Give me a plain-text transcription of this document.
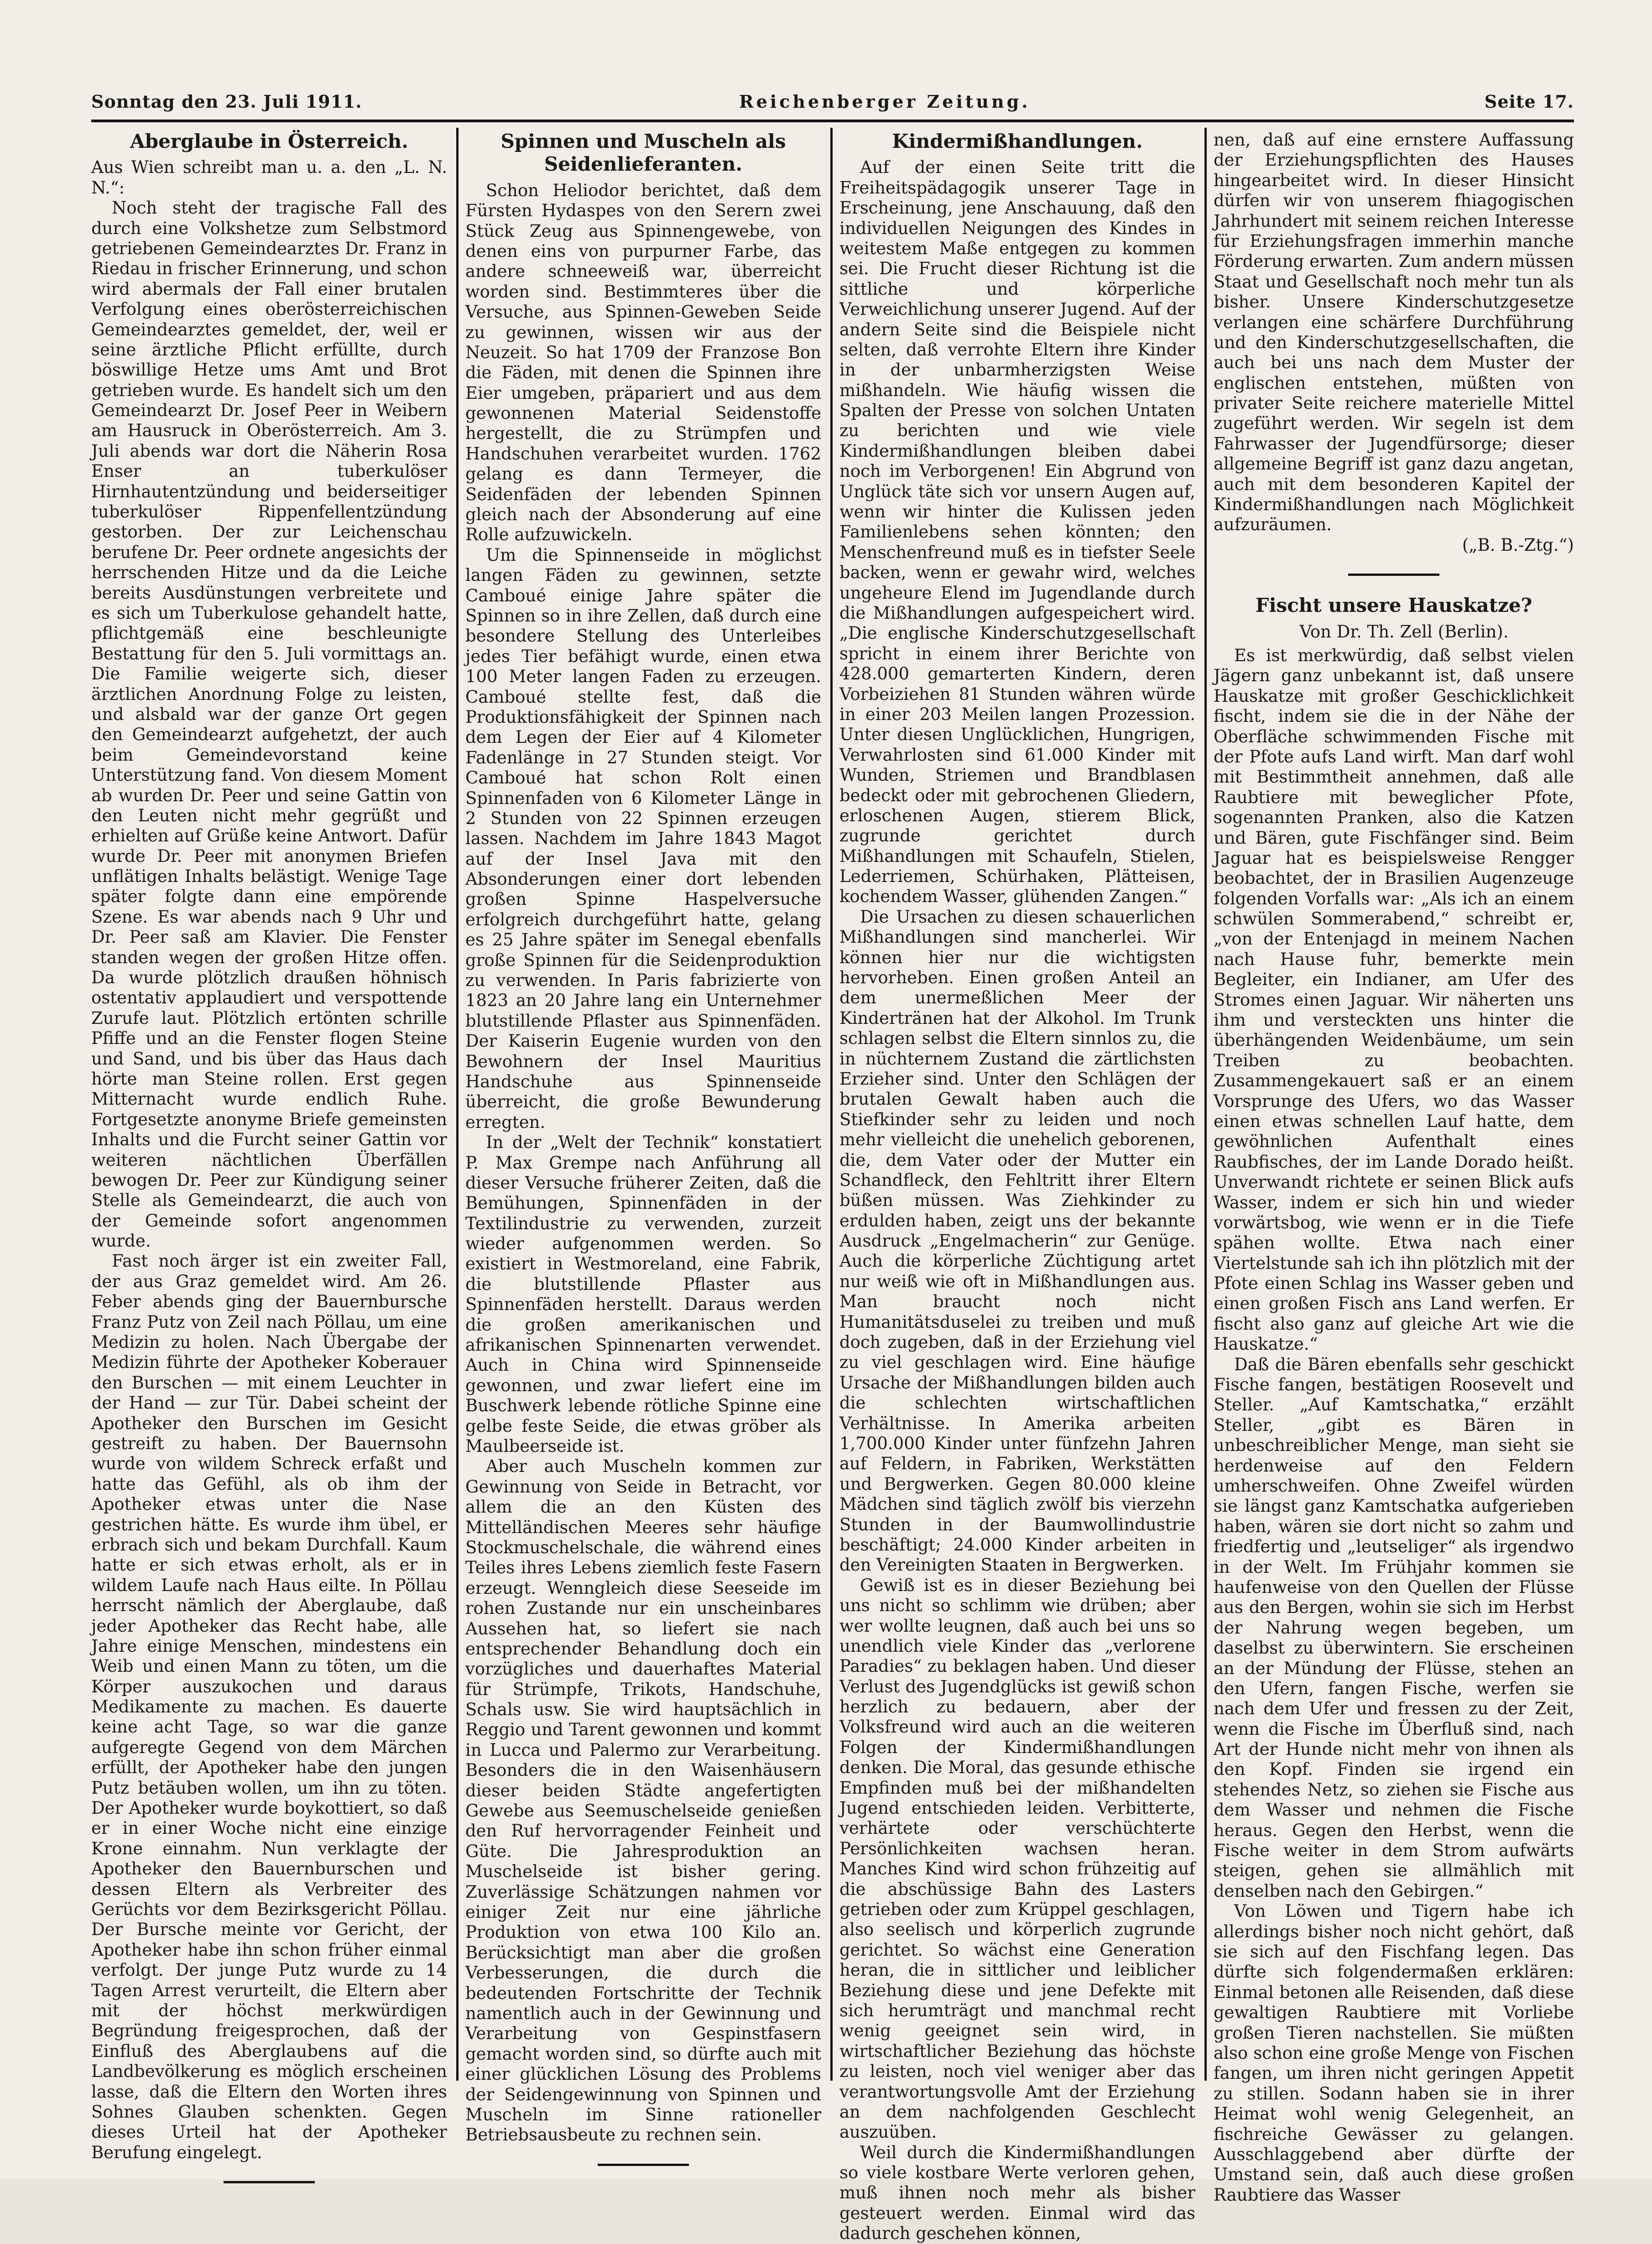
Sonntag den 23. Juli 1911.	Reichenberger Zeitung.	Seite 17.
Aberglaube in Österreich.

Aus Wien schreibt man u. a. den „L. N. N.“:

Noch steht der tragische Fall des durch eine Volkshetze zum Selbstmord getriebenen Gemeindearztes Dr. Franz in Riedau in frischer Erinnerung, und schon wird abermals der Fall einer brutalen Verfolgung eines oberösterreichischen Gemeindearztes gemeldet, der, weil er seine ärztliche Pflicht erfüllte, durch böswillige Hetze ums Amt und Brot getrieben wurde. Es handelt sich um den Gemeindearzt Dr. Josef Peer in Weibern am Hausruck in Oberösterreich. Am 3. Juli abends war dort die Näherin Rosa Enser an tuberkulöser Hirnhautentzündung und beiderseitiger tuberkulöser Rippenfellentzündung gestorben. Der zur Leichenschau berufene Dr. Peer ordnete angesichts der herrschenden Hitze und da die Leiche bereits Ausdünstungen verbreitete und es sich um Tuberkulose gehandelt hatte, pflichtgemäß eine beschleunigte Bestattung für den 5. Juli vormittags an. Die Familie weigerte sich, dieser ärztlichen Anordnung Folge zu leisten, und alsbald war der ganze Ort gegen den Gemeindearzt aufgehetzt, der auch beim Gemeindevorstand keine Unterstützung fand. Von diesem Moment ab wurden Dr. Peer und seine Gattin von den Leuten nicht mehr gegrüßt und erhielten auf Grüße keine Antwort. Dafür wurde Dr. Peer mit anonymen Briefen unflätigen Inhalts belästigt. Wenige Tage später folgte dann eine empörende Szene. Es war abends nach 9 Uhr und Dr. Peer saß am Klavier. Die Fenster standen wegen der großen Hitze offen. Da wurde plötzlich draußen höhnisch ostentativ applaudiert und verspottende Zurufe laut. Plötzlich ertönten schrille Pfiffe und an die Fenster flogen Steine und Sand, und bis über das Haus dach hörte man Steine rollen. Erst gegen Mitternacht wurde endlich Ruhe. Fortgesetzte anonyme Briefe gemeinsten Inhalts und die Furcht seiner Gattin vor weiteren nächtlichen Überfällen bewogen Dr. Peer zur Kündigung seiner Stelle als Gemeindearzt, die auch von der Gemeinde sofort angenommen wurde.

Fast noch ärger ist ein zweiter Fall, der aus Graz gemeldet wird. Am 26. Feber abends ging der Bauernbursche Franz Putz von Zeil nach Pöllau, um eine Medizin zu holen. Nach Übergabe der Medizin führte der Apotheker Koberauer den Burschen — mit einem Leuchter in der Hand — zur Tür. Dabei scheint der Apotheker den Burschen im Gesicht gestreift zu haben. Der Bauernsohn wurde von wildem Schreck erfaßt und hatte das Gefühl, als ob ihm der Apotheker etwas unter die Nase gestrichen hätte. Es wurde ihm übel, er erbrach sich und bekam Durchfall. Kaum hatte er sich etwas erholt, als er in wildem Laufe nach Haus eilte. In Pöllau herrscht nämlich der Aberglaube, daß jeder Apotheker das Recht habe, alle Jahre einige Menschen, mindestens ein Weib und einen Mann zu töten, um die Körper auszukochen und daraus Medikamente zu machen. Es dauerte keine acht Tage, so war die ganze aufgeregte Gegend von dem Märchen erfüllt, der Apotheker habe den jungen Putz betäuben wollen, um ihn zu töten. Der Apotheker wurde boykottiert, so daß er in einer Woche nicht eine einzige Krone einnahm. Nun verklagte der Apotheker den Bauernburschen und dessen Eltern als Verbreiter des Gerüchts vor dem Bezirksgericht Pöllau. Der Bursche meinte vor Gericht, der Apotheker habe ihn schon früher einmal verfolgt. Der junge Putz wurde zu 14 Tagen Arrest verurteilt, die Eltern aber mit der höchst merkwürdigen Begründung freigesprochen, daß der Einfluß des Aberglaubens auf die Landbevölkerung es möglich erscheinen lasse, daß die Eltern den Worten ihres Sohnes Glauben schenkten. Gegen dieses Urteil hat der Apotheker Berufung eingelegt.

Spinnen und Muscheln als Seidenlieferanten.

Schon Heliodor berichtet, daß dem Fürsten Hydaspes von den Serern zwei Stück Zeug aus Spinnengewebe, von denen eins von purpurner Farbe, das andere schneeweiß war, überreicht worden sind. Bestimmteres über die Versuche, aus Spinnen-Geweben Seide zu gewinnen, wissen wir aus der Neuzeit. So hat 1709 der Franzose Bon die Fäden, mit denen die Spinnen ihre Eier umgeben, präpariert und aus dem gewonnenen Material Seidenstoffe hergestellt, die zu Strümpfen und Handschuhen verarbeitet wurden. 1762 gelang es dann Termeyer, die Seidenfäden der lebenden Spinnen gleich nach der Absonderung auf eine Rolle aufzuwickeln.

Um die Spinnenseide in möglichst langen Fäden zu gewinnen, setzte Camboué einige Jahre später die Spinnen so in ihre Zellen, daß durch eine besondere Stellung des Unterleibes jedes Tier befähigt wurde, einen etwa 100 Meter langen Faden zu erzeugen. Camboué stellte fest, daß die Produktionsfähigkeit der Spinnen nach dem Legen der Eier auf 4 Kilometer Fadenlänge in 27 Stunden steigt. Vor Camboué hat schon Rolt einen Spinnenfaden von 6 Kilometer Länge in 2 Stunden von 22 Spinnen erzeugen lassen. Nachdem im Jahre 1843 Magot auf der Insel Java mit den Absonderungen einer dort lebenden großen Spinne Haspelversuche erfolgreich durchgeführt hatte, gelang es 25 Jahre später im Senegal ebenfalls große Spinnen für die Seidenproduktion zu verwenden. In Paris fabrizierte von 1823 an 20 Jahre lang ein Unternehmer blutstillende Pflaster aus Spinnenfäden. Der Kaiserin Eugenie wurden von den Bewohnern der Insel Mauritius Handschuhe aus Spinnenseide überreicht, die große Bewunderung erregten.

In der „Welt der Technik“ konstatiert P. Max Grempe nach Anführung all dieser Versuche früherer Zeiten, daß die Bemühungen, Spinnenfäden in der Textilindustrie zu verwenden, zurzeit wieder aufgenommen werden. So existiert in Westmoreland, eine Fabrik, die blutstillende Pflaster aus Spinnenfäden herstellt. Daraus werden die großen amerikanischen und afrikanischen Spinnenarten verwendet. Auch in China wird Spinnenseide gewonnen, und zwar liefert eine im Buschwerk lebende rötliche Spinne eine gelbe feste Seide, die etwas gröber als Maulbeerseide ist.

Aber auch Muscheln kommen zur Gewinnung von Seide in Betracht, vor allem die an den Küsten des Mittelländischen Meeres sehr häufige Stockmuschelschale, die während eines Teiles ihres Lebens ziemlich feste Fasern erzeugt. Wenngleich diese Seeseide im rohen Zustande nur ein unscheinbares Aussehen hat, so liefert sie nach entsprechender Behandlung doch ein vorzügliches und dauerhaftes Material für Strümpfe, Trikots, Handschuhe, Schals usw. Sie wird hauptsächlich in Reggio und Tarent gewonnen und kommt in Lucca und Palermo zur Verarbeitung. Besonders die in den Waisenhäusern dieser beiden Städte angefertigten Gewebe aus Seemuschelseide genießen den Ruf hervorragender Feinheit und Güte. Die Jahresproduktion an Muschelseide ist bisher gering. Zuverlässige Schätzungen nahmen vor einiger Zeit nur eine jährliche Produktion von etwa 100 Kilo an. Berücksichtigt man aber die großen Verbesserungen, die durch die bedeutenden Fortschritte der Technik namentlich auch in der Gewinnung und Verarbeitung von Gespinstfasern gemacht worden sind, so dürfte auch mit einer glücklichen Lösung des Problems der Seidengewinnung von Spinnen und Muscheln im Sinne rationeller Betriebsausbeute zu rechnen sein.

Kindermißhandlungen.

Auf der einen Seite tritt die Freiheitspädagogik unserer Tage in Erscheinung, jene Anschauung, daß den individuellen Neigungen des Kindes in weitestem Maße entgegen zu kommen sei. Die Frucht dieser Richtung ist die sittliche und körperliche Verweichlichung unserer Jugend. Auf der andern Seite sind die Beispiele nicht selten, daß verrohte Eltern ihre Kinder in der unbarmherzigsten Weise mißhandeln. Wie häufig wissen die Spalten der Presse von solchen Untaten zu berichten und wie viele Kindermißhandlungen bleiben dabei noch im Verborgenen! Ein Abgrund von Unglück täte sich vor unsern Augen auf, wenn wir hinter die Kulissen jeden Familienlebens sehen könnten; den Menschenfreund muß es in tiefster Seele backen, wenn er gewahr wird, welches ungeheure Elend im Jugendlande durch die Mißhandlungen aufgespeichert wird. „Die englische Kinderschutzgesellschaft spricht in einem ihrer Berichte von 428.000 gemarterten Kindern, deren Vorbeiziehen 81 Stunden währen würde in einer 203 Meilen langen Prozession. Unter diesen Unglücklichen, Hungrigen, Verwahrlosten sind 61.000 Kinder mit Wunden, Striemen und Brandblasen bedeckt oder mit gebrochenen Gliedern, erloschenen Augen, stierem Blick, zugrunde gerichtet durch Mißhandlungen mit Schaufeln, Stielen, Lederriemen, Schürhaken, Plätteisen, kochendem Wasser, glühenden Zangen.“

Die Ursachen zu diesen schauerlichen Mißhandlungen sind mancherlei. Wir können hier nur die wichtigsten hervorheben. Einen großen Anteil an dem unermeßlichen Meer der Kindertränen hat der Alkohol. Im Trunk schlagen selbst die Eltern sinnlos zu, die in nüchternem Zustand die zärtlichsten Erzieher sind. Unter den Schlägen der brutalen Gewalt haben auch die Stiefkinder sehr zu leiden und noch mehr vielleicht die unehelich geborenen, die, dem Vater oder der Mutter ein Schandfleck, den Fehltritt ihrer Eltern büßen müssen. Was Ziehkinder zu erdulden haben, zeigt uns der bekannte Ausdruck „Engelmacherin“ zur Genüge. Auch die körperliche Züchtigung artet nur weiß wie oft in Mißhandlungen aus. Man braucht noch nicht Humanitätsduselei zu treiben und muß doch zugeben, daß in der Erziehung viel zu viel geschlagen wird. Eine häufige Ursache der Mißhandlungen bilden auch die schlechten wirtschaftlichen Verhältnisse. In Amerika arbeiten 1,700.000 Kinder unter fünfzehn Jahren auf Feldern, in Fabriken, Werkstätten und Bergwerken. Gegen 80.000 kleine Mädchen sind täglich zwölf bis vierzehn Stunden in der Baumwollindustrie beschäftigt; 24.000 Kinder arbeiten in den Vereinigten Staaten in Bergwerken.

Gewiß ist es in dieser Beziehung bei uns nicht so schlimm wie drüben; aber wer wollte leugnen, daß auch bei uns so unendlich viele Kinder das „verlorene Paradies“ zu beklagen haben. Und dieser Verlust des Jugendglücks ist gewiß schon herzlich zu bedauern, aber der Volksfreund wird auch an die weiteren Folgen der Kindermißhandlungen denken. Die Moral, das gesunde ethische Empfinden muß bei der mißhandelten Jugend entschieden leiden. Verbitterte, verhärtete oder verschüchterte Persönlichkeiten wachsen heran. Manches Kind wird schon frühzeitig auf die abschüssige Bahn des Lasters getrieben oder zum Krüppel geschlagen, also seelisch und körperlich zugrunde gerichtet. So wächst eine Generation heran, die in sittlicher und leiblicher Beziehung diese und jene Defekte mit sich herumträgt und manchmal recht wenig geeignet sein wird, in wirtschaftlicher Beziehung das höchste zu leisten, noch viel weniger aber das verantwortungsvolle Amt der Erziehung an dem nachfolgenden Geschlecht auszuüben.

Weil durch die Kindermißhandlungen so viele kostbare Werte verloren gehen, muß ihnen noch mehr als bisher gesteuert werden. Einmal wird das dadurch geschehen können,

nen, daß auf eine ernstere Auffassung der Erziehungspflichten des Hauses hingearbeitet wird. In dieser Hinsicht dürfen wir von unserem fhiagogischen Jahrhundert mit seinem reichen Interesse für Erziehungsfragen immerhin manche Förderung erwarten. Zum andern müssen Staat und Gesellschaft noch mehr tun als bisher. Unsere Kinderschutzgesetze verlangen eine schärfere Durchführung und den Kinderschutzgesellschaften, die auch bei uns nach dem Muster der englischen entstehen, müßten von privater Seite reichere materielle Mittel zugeführt werden. Wir segeln ist dem Fahrwasser der Jugendfürsorge; dieser allgemeine Begriff ist ganz dazu angetan, auch mit dem besonderen Kapitel der Kindermißhandlungen nach Möglichkeit aufzuräumen.

(„B. B.-Ztg.“)

Fischt unsere Hauskatze?

Von Dr. Th. Zell (Berlin).

Es ist merkwürdig, daß selbst vielen Jägern ganz unbekannt ist, daß unsere Hauskatze mit großer Geschicklichkeit fischt, indem sie die in der Nähe der Oberfläche schwimmenden Fische mit der Pfote aufs Land wirft. Man darf wohl mit Bestimmtheit annehmen, daß alle Raubtiere mit beweglicher Pfote, sogenannten Pranken, also die Katzen und Bären, gute Fischfänger sind. Beim Jaguar hat es beispielsweise Rengger beobachtet, der in Brasilien Augenzeuge folgenden Vorfalls war: „Als ich an einem schwülen Sommerabend,“ schreibt er, „von der Entenjagd in meinem Nachen nach Hause fuhr, bemerkte mein Begleiter, ein Indianer, am Ufer des Stromes einen Jaguar. Wir näherten uns ihm und versteckten uns hinter die überhängenden Weidenbäume, um sein Treiben zu beobachten. Zusammengekauert saß er an einem Vorsprunge des Ufers, wo das Wasser einen etwas schnellen Lauf hatte, dem gewöhnlichen Aufenthalt eines Raubfisches, der im Lande Dorado heißt. Unverwandt richtete er seinen Blick aufs Wasser, indem er sich hin und wieder vorwärtsbog, wie wenn er in die Tiefe spähen wollte. Etwa nach einer Viertelstunde sah ich ihn plötzlich mit der Pfote einen Schlag ins Wasser geben und einen großen Fisch ans Land werfen. Er fischt also ganz auf gleiche Art wie die Hauskatze.“

Daß die Bären ebenfalls sehr geschickt Fische fangen, bestätigen Roosevelt und Steller. „Auf Kamtschatka,“ erzählt Steller, „gibt es Bären in unbeschreiblicher Menge, man sieht sie herdenweise auf den Feldern umherschweifen. Ohne Zweifel würden sie längst ganz Kamtschatka aufgerieben haben, wären sie dort nicht so zahm und friedfertig und „leutseliger“ als irgendwo in der Welt. Im Frühjahr kommen sie haufenweise von den Quellen der Flüsse aus den Bergen, wohin sie sich im Herbst der Nahrung wegen begeben, um daselbst zu überwintern. Sie erscheinen an der Mündung der Flüsse, stehen an den Ufern, fangen Fische, werfen sie nach dem Ufer und fressen zu der Zeit, wenn die Fische im Überfluß sind, nach Art der Hunde nicht mehr von ihnen als den Kopf. Finden sie irgend ein stehendes Netz, so ziehen sie Fische aus dem Wasser und nehmen die Fische heraus. Gegen den Herbst, wenn die Fische weiter in dem Strom aufwärts steigen, gehen sie allmählich mit denselben nach den Gebirgen.“

Von Löwen und Tigern habe ich allerdings bisher noch nicht gehört, daß sie sich auf den Fischfang legen. Das dürfte sich folgendermaßen erklären: Einmal betonen alle Reisenden, daß diese gewaltigen Raubtiere mit Vorliebe großen Tieren nachstellen. Sie müßten also schon eine große Menge von Fischen fangen, um ihren nicht geringen Appetit zu stillen. Sodann haben sie in ihrer Heimat wohl wenig Gelegenheit, an fischreiche Gewässer zu gelangen. Ausschlaggebend aber dürfte der Umstand sein, daß auch diese großen Raubtiere das Wasser
